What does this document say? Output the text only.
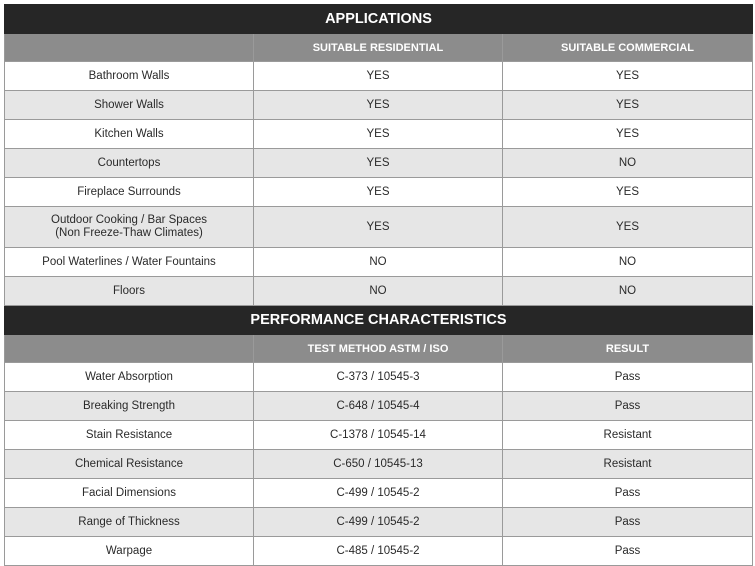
APPLICATIONS		
	SUITABLE RESIDENTIAL	SUITABLE COMMERCIAL

Bathroom Walls	YES	YES

Shower Walls	YES	YES

Kitchen Walls	YES	YES

Countertops	YES	NO

Fireplace Surrounds	YES	YES

Outdoor Cooking / Bar Spaces
(Non Freeze-Thaw Climates)	YES	YES

Pool Waterlines / Water Fountains	NO	NO

Floors	NO	NO
PERFORMANCE CHARACTERISTICS		
	TEST METHOD ASTM / ISO	RESULT
Water Absorption	C-373 / 10545-3	Pass
Breaking Strength	C-648 / 10545-4	Pass
Stain Resistance	C-1378 / 10545-14	Resistant
Chemical Resistance	C-650 / 10545-13	Resistant
Facial Dimensions	C-499 / 10545-2	Pass
Range of Thickness	C-499 / 10545-2	Pass
Warpage	C-485 / 10545-2	Pass
